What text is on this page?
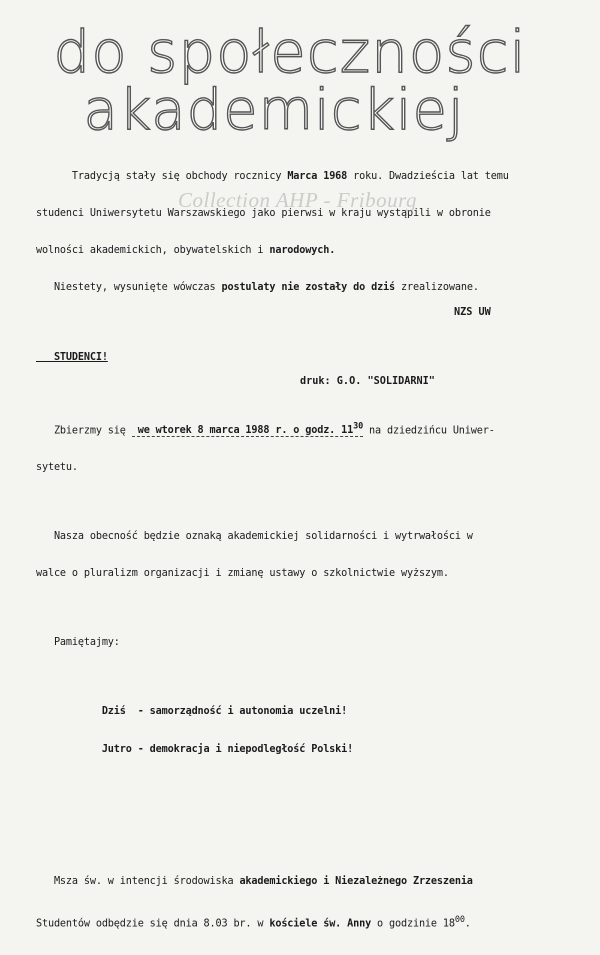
do społeczności
akademickiej

Tradycją stały się obchody rocznicy Marca 1968 roku. Dwadzieścia lat temu

studenci Uniwersytetu Warszawskiego jako pierwsi w kraju wystąpili w obronie

wolności akademickich, obywatelskich i narodowych.

Niestety, wysunięte wówczas postulaty nie zostały do dziś zrealizowane.

STUDENCI!

Zbierzmy się  we wtorek 8 marca 1988 r. o godz. $11^{30}$ na dziedzińcu Uniwer-

sytetu.

Nasza obecność będzie oznaką akademickiej solidarności i wytrwałości w

walce o pluralizm organizacji i zmianę ustawy o szkolnictwie wyższym.

Pamiętajmy:

Dziś  - samorządność i autonomia uczelni!

Jutro - demokracja i niepodległość Polski!

Msza św. w intencji środowiska akademickiego i Niezależnego Zrzeszenia

Studentów odbędzie się dnia 8.03 br. w kościele św. Anny o godzinie $18^{00}$.

Collection AHP - Fribourg
NZS UW
druk: G.O. "SOLIDARNI"
